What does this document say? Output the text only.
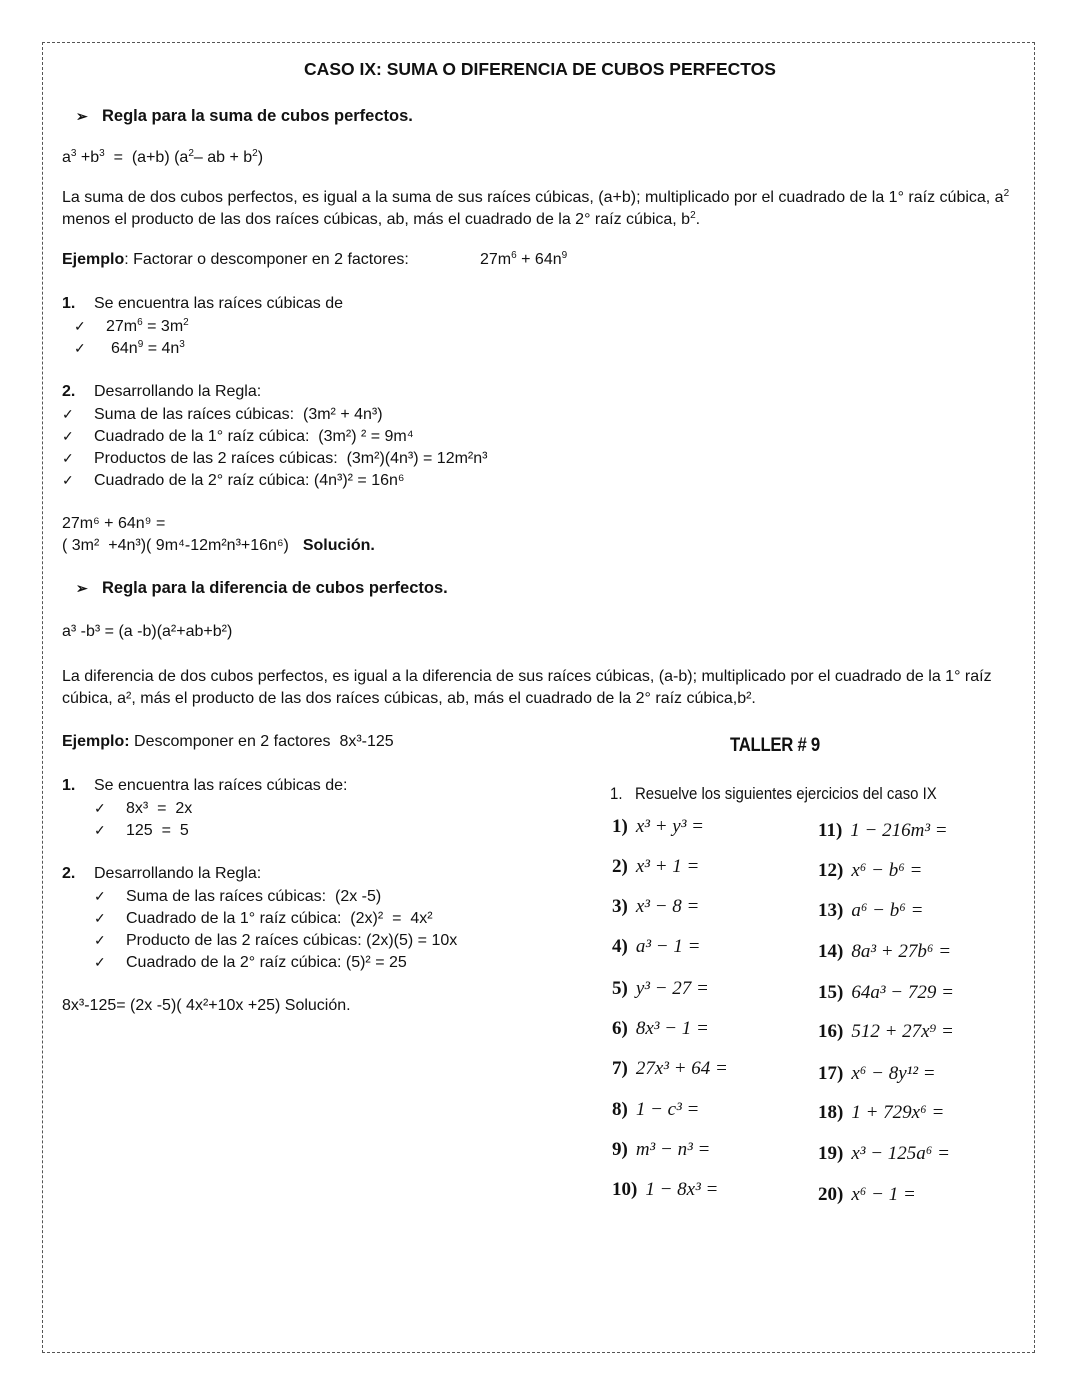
CASO IX: SUMA O DIFERENCIA DE CUBOS PERFECTOS
➢ Regla para la suma de cubos perfectos.
$a^3 +b^3 = (a+b)$ ($a^2-$ ab + $b^2$)
La suma de dos cubos perfectos, es igual a la suma de sus raíces cúbicas, (a+b); multiplicado por el cuadrado de la 1° raíz cúbica, $a^2$ menos el producto de las dos raíces cúbicas, ab, más el cuadrado de la 2° raíz cúbica, $b^2$.
Ejemplo: Factorar o descomponer en 2 factores:	$27m^6 + 64n^9$
1. Se encuentra las raíces cúbicas de
✓ $27m^6 = 3m^2$
✓ $64n^9 = 4n^3$
2. Desarrollando la Regla:
✓ Suma de las raíces cúbicas:  (3m² + 4n³)
✓ Cuadrado de la 1° raíz cúbica:  (3m²) ² = 9m⁴
✓ Productos de las 2 raíces cúbicas:  (3m²)(4n³) = 12m²n³
✓ Cuadrado de la 2° raíz cúbica: (4n³)² = 16n⁶
27m⁶ + 64n⁹ =
( 3m²  +4n³)( 9m⁴-12m²n³+16n⁶) Solución.
➢ Regla para la diferencia de cubos perfectos.
a³ -b³ = (a -b)(a²+ab+b²)
La diferencia de dos cubos perfectos, es igual a la diferencia de sus raíces cúbicas, (a-b); multiplicado por el cuadrado de la 1° raíz cúbica, a², más el producto de las dos raíces cúbicas, ab, más el cuadrado de la 2° raíz cúbica,b².
Ejemplo: Descomponer en 2 factores  8x³-125
1. Se encuentra las raíces cúbicas de:
✓ 8x³  =  2x
✓ 125  =  5
2. Desarrollando la Regla:
✓ Suma de las raíces cúbicas:  (2x -5)
✓ Cuadrado de la 1° raíz cúbica:  (2x)²  =  4x²
✓ Producto de las 2 raíces cúbicas: (2x)(5) = 10x
✓ Cuadrado de la 2° raíz cúbica: (5)² = 25
8x³-125= (2x -5)( 4x²+10x +25) Solución.
TALLER # 9
1.   Resuelve los siguientes ejercicios del caso IX
1) x³ + y³ =
2) x³ + 1 =
3) x³ − 8 =
4) a³ − 1 =
5) y³ − 27 =
6) 8x³ − 1 =
7) 27x³ + 64 =
8) 1 − c³ =
9) m³ − n³ =
10) 1 − 8x³ =
11) 1 − 216m³ =
12) x⁶ − b⁶ =
13) a⁶ − b⁶ =
14) 8a³ + 27b⁶ =
15) 64a³ − 729 =
16) 512 + 27x⁹ =
17) x⁶ − 8y¹² =
18) 1 + 729x⁶ =
19) x³ − 125a⁶ =
20) x⁶ − 1 =
